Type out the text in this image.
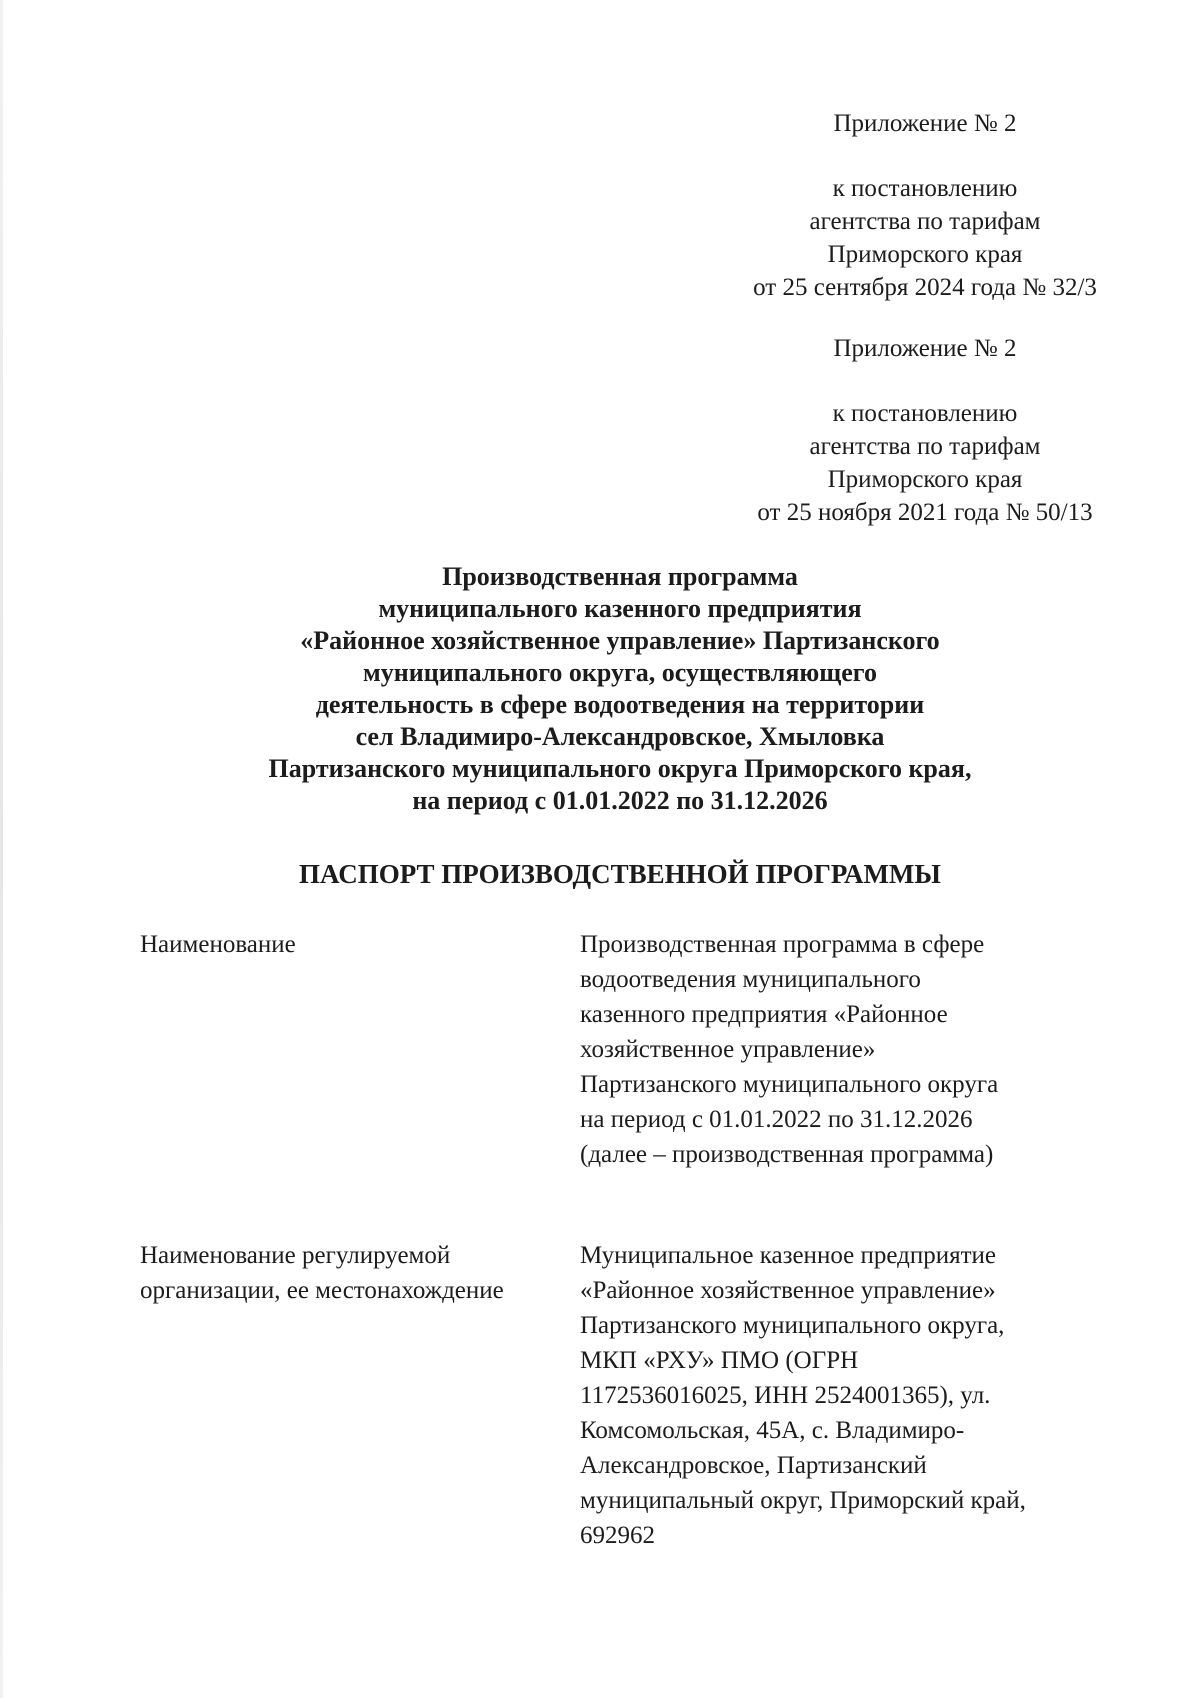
Приложение № 2
к постановлению
агентства по тарифам
Приморского края
от 25 сентября 2024 года № 32/3
Приложение № 2
к постановлению
агентства по тарифам
Приморского края
от 25 ноября 2021 года № 50/13
Производственная программа
муниципального казенного предприятия
«Районное хозяйственное управление» Партизанского
муниципального округа, осуществляющего
деятельность в сфере водоотведения на территории
сел Владимиро-Александровское, Хмыловка
Партизанского муниципального округа Приморского края,
на период с 01.01.2022 по 31.12.2026
ПАСПОРТ ПРОИЗВОДСТВЕННОЙ ПРОГРАММЫ
Наименование	Производственная программа в сфере
водоотведения муниципального
казенного предприятия «Районное
хозяйственное управление»
Партизанского муниципального округа
на период с 01.01.2022 по 31.12.2026
(далее – производственная программа)
Наименование регулируемой
организации, ее местонахождение
Муниципальное казенное предприятие
«Районное хозяйственное управление»
Партизанского муниципального округа,
МКП «РХУ» ПМО (ОГРН
1172536016025, ИНН 2524001365), ул.
Комсомольская, 45А, с. Владимиро-
Александровское, Партизанский
муниципальный округ, Приморский край,
692962
